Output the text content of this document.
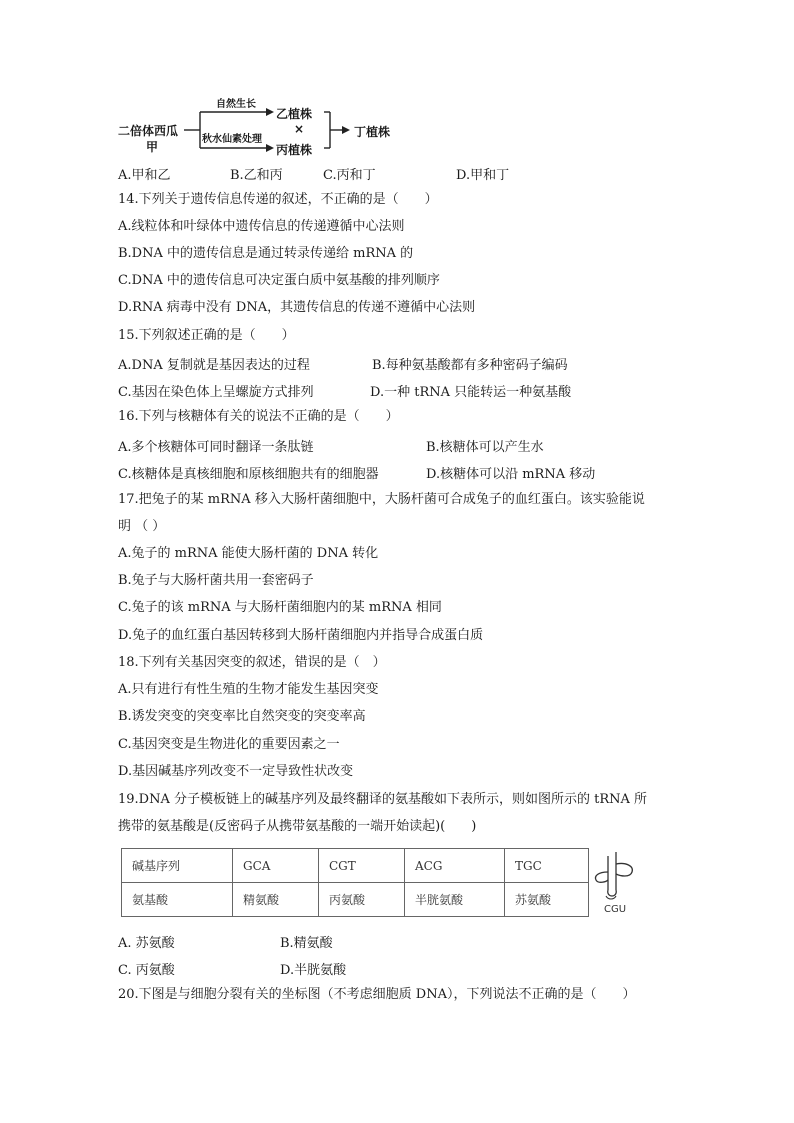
二倍体西瓜
甲
自然生长
秋水仙素处理
乙植株
×
丙植株
丁植株
A.甲和乙	B.乙和丙	C.丙和丁	D.甲和丁
14.下列关于遗传信息传递的叙述，不正确的是（　　）
A.线粒体和叶绿体中遗传信息的传递遵循中心法则
B.DNA 中的遗传信息是通过转录传递给 mRNA 的
C.DNA 中的遗传信息可决定蛋白质中氨基酸的排列顺序
D.RNA 病毒中没有 DNA，其遗传信息的传递不遵循中心法则
15.下列叙述正确的是（　　）
A.DNA 复制就是基因表达的过程	B.每种氨基酸都有多种密码子编码
C.基因在染色体上呈螺旋方式排列	D.一种 tRNA 只能转运一种氨基酸
16.下列与核糖体有关的说法不正确的是（　　）
A.多个核糖体可同时翻译一条肽链	B.核糖体可以产生水
C.核糖体是真核细胞和原核细胞共有的细胞器	D.核糖体可以沿 mRNA 移动
17.把兔子的某 mRNA 移入大肠杆菌细胞中，大肠杆菌可合成兔子的血红蛋白。该实验能说
明 （ ）
A.兔子的 mRNA 能使大肠杆菌的 DNA 转化
B.兔子与大肠杆菌共用一套密码子
C.兔子的该 mRNA 与大肠杆菌细胞内的某 mRNA 相同
D.兔子的血红蛋白基因转移到大肠杆菌细胞内并指导合成蛋白质
18.下列有关基因突变的叙述，错误的是（　）
A.只有进行有性生殖的生物才能发生基因突变
B.诱发突变的突变率比自然突变的突变率高
C.基因突变是生物进化的重要因素之一
D.基因碱基序列改变不一定导致性状改变
19.DNA 分子模板链上的碱基序列及最终翻译的氨基酸如下表所示，则如图所示的 tRNA 所
携带的氨基酸是(反密码子从携带氨基酸的一端开始读起)(　　)
碱基序列	GCA	CGT	ACG	TGC
氨基酸	精氨酸	丙氨酸	半胱氨酸	苏氨酸
CGU
A. 苏氨酸	B.精氨酸
C. 丙氨酸	D.半胱氨酸
20.下图是与细胞分裂有关的坐标图（不考虑细胞质 DNA），下列说法不正确的是（　　）
